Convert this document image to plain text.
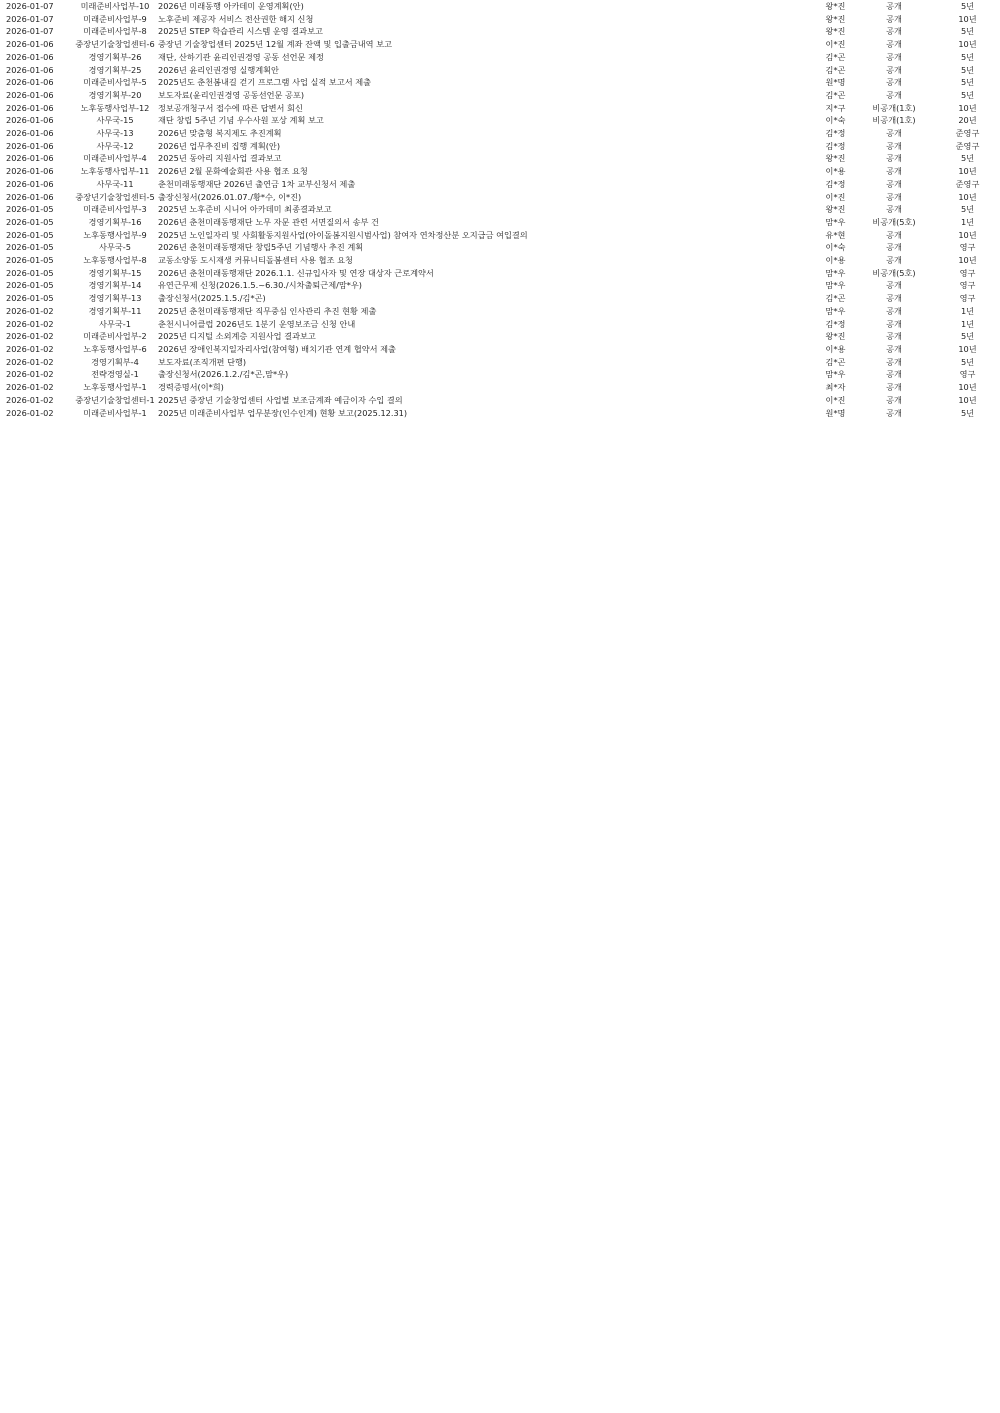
2026-01-07	미래준비사업부-10	2026년 미래동행 아카데미 운영계획(안)	왕*진	공개	5년
2026-01-07	미래준비사업부-9	노후준비 제공자 서비스 전산권한 해지 신청	왕*진	공개	10년
2026-01-07	미래준비사업부-8	2025년 STEP 학습관리 시스템 운영 결과보고	왕*진	공개	5년
2026-01-06	중장년기술창업센터-6	중장년 기술창업센터 2025년 12월 계좌 잔액 및 입출금내역 보고	이*진	공개	10년
2026-01-06	경영기획부-26	재단, 산하기관 윤리인권경영 공동 선언문 제정	김*곤	공개	5년
2026-01-06	경영기획부-25	2026년 윤리인권경영 실행계획안	김*곤	공개	5년
2026-01-06	미래준비사업부-5	2025년도 춘천봄내길 걷기 프로그램 사업 실적 보고서 제출	원*명	공개	5년
2026-01-06	경영기획부-20	보도자료(윤리인권경영 공동선언문 공포)	김*곤	공개	5년
2026-01-06	노후동행사업부-12	정보공개청구서 접수에 따른 답변서 회신	지*구	비공개(1호)	10년
2026-01-06	사무국-15	재단 창립 5주년 기념 우수사원 포상 계획 보고	이*숙	비공개(1호)	20년
2026-01-06	사무국-13	2026년 맞춤형 복지제도 추진계획	김*정	공개	준영구
2026-01-06	사무국-12	2026년 업무추진비 집행 계획(안)	김*정	공개	준영구
2026-01-06	미래준비사업부-4	2025년 동아리 지원사업 결과보고	왕*진	공개	5년
2026-01-06	노후동행사업부-11	2026년 2월 문화예술회관 사용 협조 요청	이*용	공개	10년
2026-01-06	사무국-11	춘천미래동행재단 2026년 출연금 1차 교부신청서 제출	김*정	공개	준영구
2026-01-06	중장년기술창업센터-5	출장신청서(2026.01.07./황*수, 이*진)	이*진	공개	10년
2026-01-05	미래준비사업부-3	2025년 노후준비 시니어 아카데미 최종결과보고	왕*진	공개	5년
2026-01-05	경영기획부-16	2026년 춘천미래동행재단 노무 자문 관련 서면질의서 송부 건	맘*우	비공개(5호)	1년
2026-01-05	노후동행사업부-9	2025년 노인일자리 및 사회활동지원사업(아이돌봄지원시범사업) 참여자 연차정산분 오지급금 여입결의	유*현	공개	10년
2026-01-05	사무국-5	2026년 춘천미래동행재단 창립5주년 기념행사 추진 계획	이*숙	공개	영구
2026-01-05	노후동행사업부-8	교동소양동 도시재생 커뮤니티돌봄센터 사용 협조 요청	이*용	공개	10년
2026-01-05	경영기획부-15	2026년 춘천미래동행재단 2026.1.1. 신규입사자 및 연장 대상자 근로계약서	맘*우	비공개(5호)	영구
2026-01-05	경영기획부-14	유연근무제 신청(2026.1.5.~6.30./시차출퇴근제/맘*우)	맘*우	공개	영구
2026-01-05	경영기획부-13	출장신청서(2025.1.5./김*곤)	김*곤	공개	영구
2026-01-02	경영기획부-11	2025년 춘천미래동행재단 직무중심 인사관리 추진 현황 제출	맘*우	공개	1년
2026-01-02	사무국-1	춘천시니어클럽 2026년도 1분기 운영보조금 신청 안내	김*정	공개	1년
2026-01-02	미래준비사업부-2	2025년 디지털 소외계층 지원사업 결과보고	왕*진	공개	5년
2026-01-02	노후동행사업부-6	2026년 장애인복지일자리사업(참여형) 배치기관 연계 협약서 제출	이*용	공개	10년
2026-01-02	경영기획부-4	보도자료(조직개편 단행)	김*곤	공개	5년
2026-01-02	전략경영실-1	출장신청서(2026.1.2./김*곤,맘*우)	맘*우	공개	영구
2026-01-02	노후동행사업부-1	경력증명서(이*희)	최*자	공개	10년
2026-01-02	중장년기술창업센터-1	2025년 중장년 기술창업센터 사업별 보조금계좌 예금이자 수입 결의	이*진	공개	10년
2026-01-02	미래준비사업부-1	2025년 미래준비사업부 업무분장(인수인계) 현황 보고(2025.12.31)	원*명	공개	5년
